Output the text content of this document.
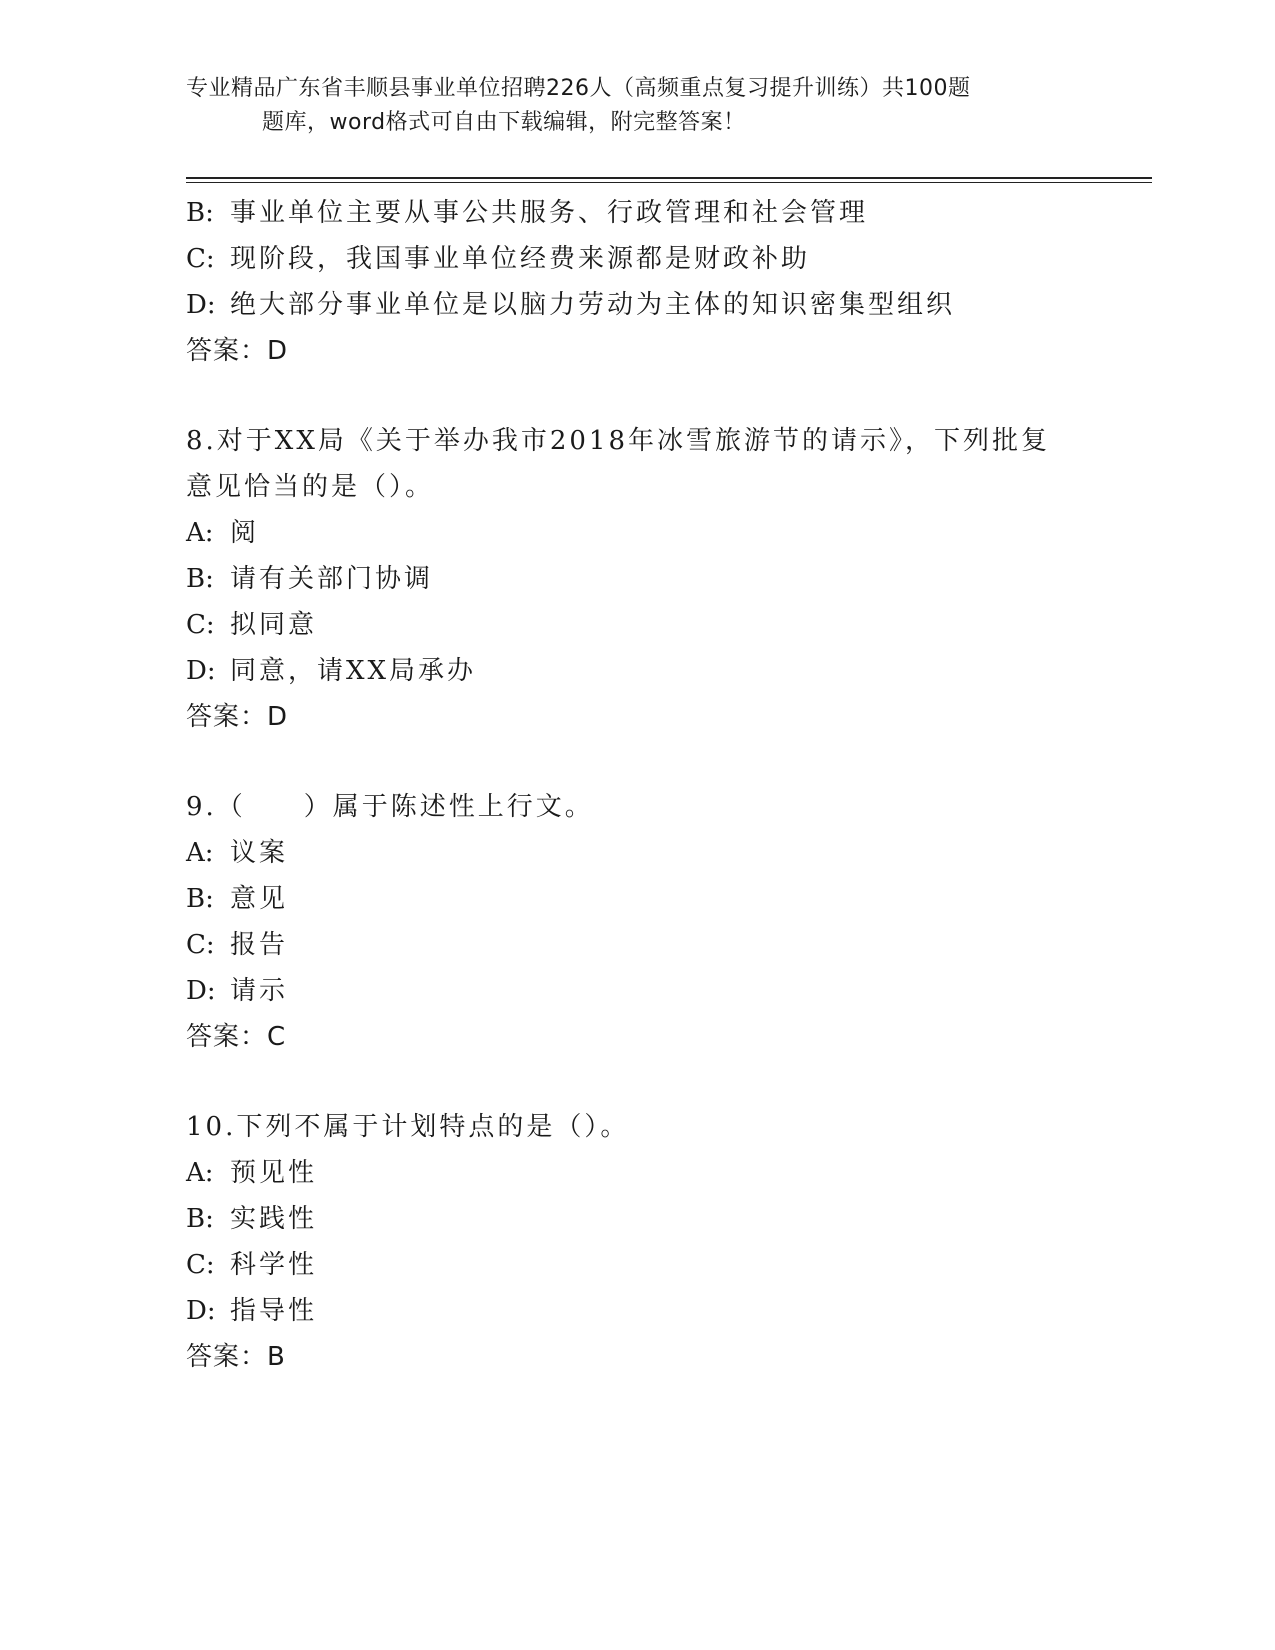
专业精品广东省丰顺县事业单位招聘226人（高频重点复习提升训练）共100题
题库，word格式可自由下载编辑，附完整答案！
B: 事业单位主要从事公共服务、行政管理和社会管理
C: 现阶段，我国事业单位经费来源都是财政补助
D: 绝大部分事业单位是以脑力劳动为主体的知识密集型组织
答案：D
8.对于XX局《关于举办我市2018年冰雪旅游节的请示》，下列批复
意见恰当的是（）。
A: 阅
B: 请有关部门协调
C: 拟同意
D: 同意，请XX局承办
答案：D
9.（　　）属于陈述性上行文。
A: 议案
B: 意见
C: 报告
D: 请示
答案：C
10.下列不属于计划特点的是（）。
A: 预见性
B: 实践性
C: 科学性
D: 指导性
答案：B
